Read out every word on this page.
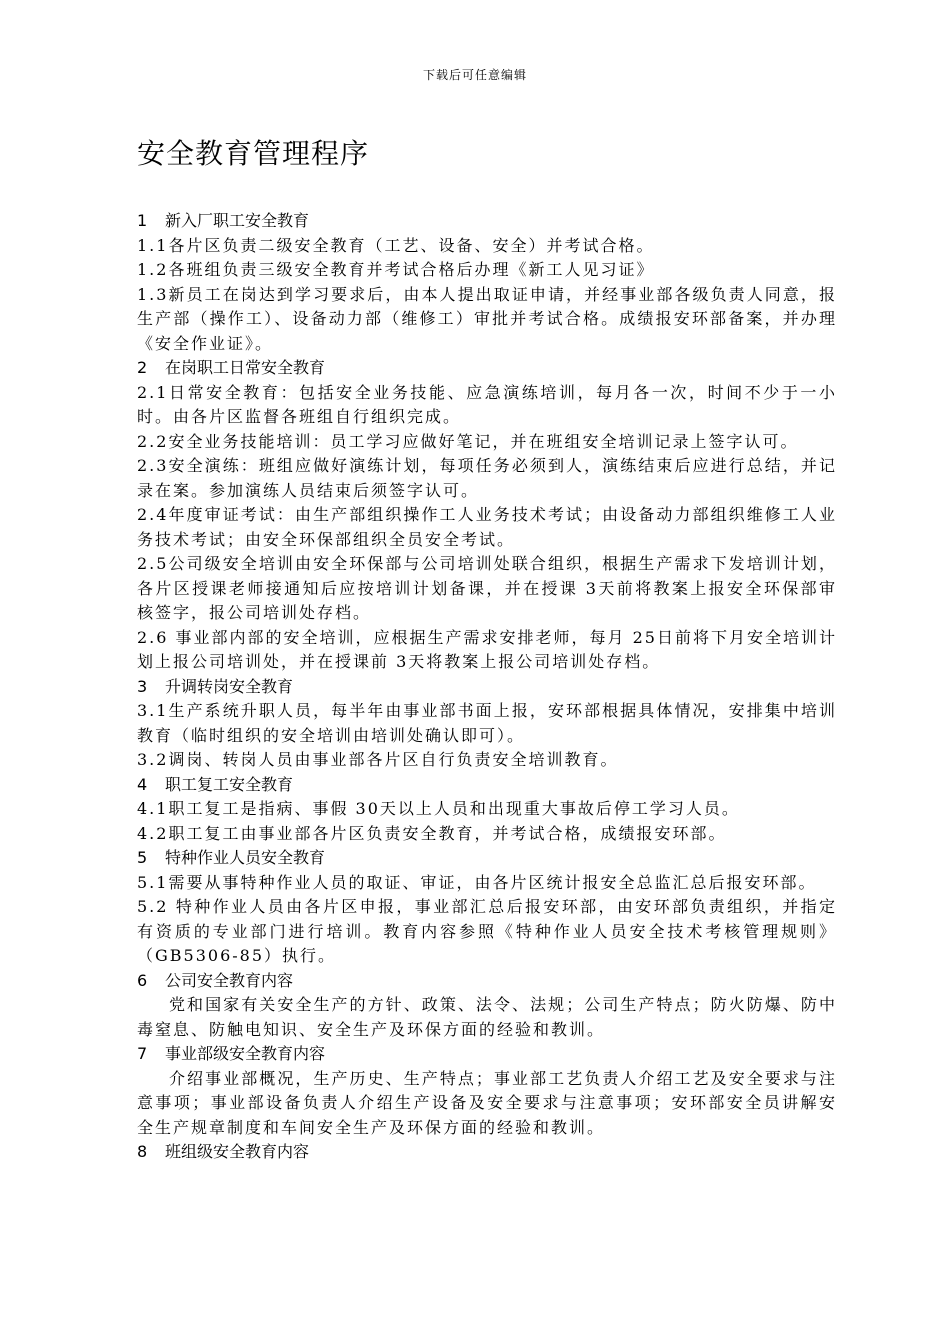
下载后可任意编辑
安全教育管理程序
1 新入厂职工安全教育

1.1各片区负责二级安全教育（工艺、设备、安全）并考试合格。

1.2各班组负责三级安全教育并考试合格后办理《新工人见习证》

1.3新员工在岗达到学习要求后，由本人提出取证申请，并经事业部各级负责人同意，报生产部（操作工）、设备动力部（维修工）审批并考试合格。成绩报安环部备案，并办理《安全作业证》。

2 在岗职工日常安全教育

2.1日常安全教育：包括安全业务技能、应急演练培训，每月各一次，时间不少于一小时。由各片区监督各班组自行组织完成。

2.2安全业务技能培训：员工学习应做好笔记，并在班组安全培训记录上签字认可。

2.3安全演练：班组应做好演练计划，每项任务必须到人，演练结束后应进行总结，并记录在案。参加演练人员结束后须签字认可。

2.4年度审证考试：由生产部组织操作工人业务技术考试；由设备动力部组织维修工人业务技术考试；由安全环保部组织全员安全考试。

2.5公司级安全培训由安全环保部与公司培训处联合组织，根据生产需求下发培训计划，各片区授课老师接通知后应按培训计划备课，并在授课 3天前将教案上报安全环保部审核签字，报公司培训处存档。

2.6 事业部内部的安全培训，应根据生产需求安排老师，每月 25日前将下月安全培训计划上报公司培训处，并在授课前 3天将教案上报公司培训处存档。

3 升调转岗安全教育

3.1生产系统升职人员，每半年由事业部书面上报，安环部根据具体情况，安排集中培训教育（临时组织的安全培训由培训处确认即可）。

3.2调岗、转岗人员由事业部各片区自行负责安全培训教育。

4 职工复工安全教育

4.1职工复工是指病、事假 30天以上人员和出现重大事故后停工学习人员。

4.2职工复工由事业部各片区负责安全教育，并考试合格，成绩报安环部。

5 特种作业人员安全教育

5.1需要从事特种作业人员的取证、审证，由各片区统计报安全总监汇总后报安环部。

5.2 特种作业人员由各片区申报，事业部汇总后报安环部，由安环部负责组织，并指定有资质的专业部门进行培训。教育内容参照《特种作业人员安全技术考核管理规则》（GB5306-85）执行。

6 公司安全教育内容

党和国家有关安全生产的方针、政策、法令、法规；公司生产特点；防火防爆、防中毒窒息、防触电知识、安全生产及环保方面的经验和教训。

7 事业部级安全教育内容

介绍事业部概况，生产历史、生产特点；事业部工艺负责人介绍工艺及安全要求与注意事项；事业部设备负责人介绍生产设备及安全要求与注意事项；安环部安全员讲解安全生产规章制度和车间安全生产及环保方面的经验和教训。

8 班组级安全教育内容
